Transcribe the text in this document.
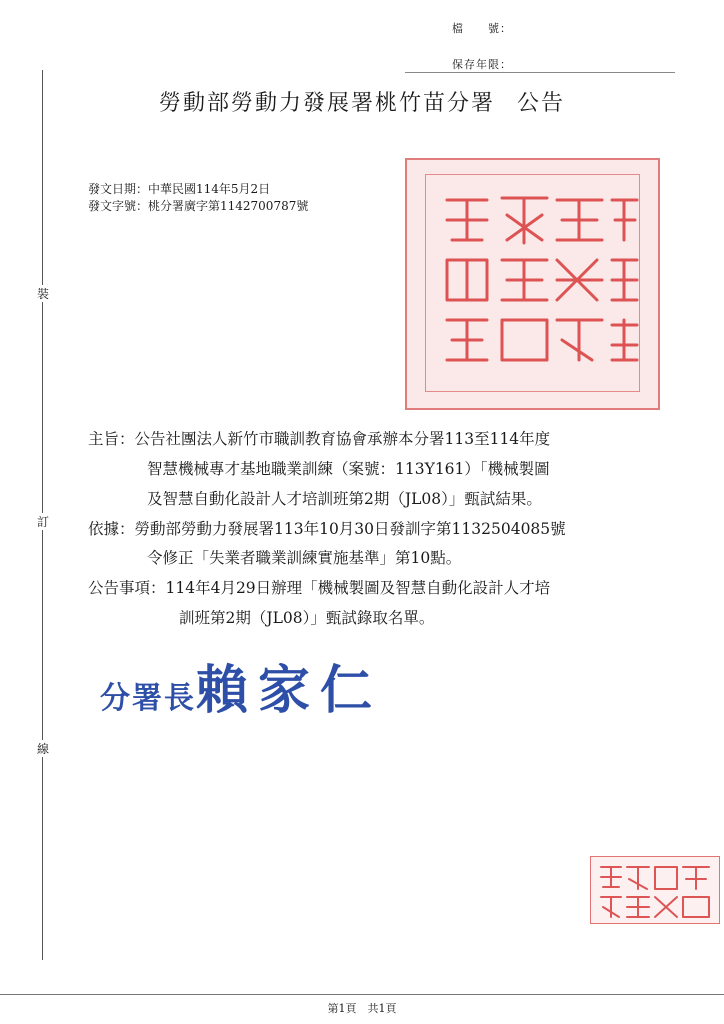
檔　　號：
保存年限：
裝
訂
線
勞動部勞動力發展署桃竹苗分署 公告
發文日期：中華民國114年5月2日
發文字號：桃分署廣字第1142700787號
主旨：公告社團法人新竹市職訓教育協會承辦本分署113至114年度
智慧機械專才基地職業訓練（案號：113Y161）「機械製圖
及智慧自動化設計人才培訓班第2期（JL08）」甄試結果。
依據：勞動部勞動力發展署113年10月30日發訓字第1132504085號
令修正「失業者職業訓練實施基準」第10點。
公告事項：114年4月29日辦理「機械製圖及智慧自動化設計人才培
訓班第2期（JL08）」甄試錄取名單。
分署長賴家仁
第1頁　共1頁
